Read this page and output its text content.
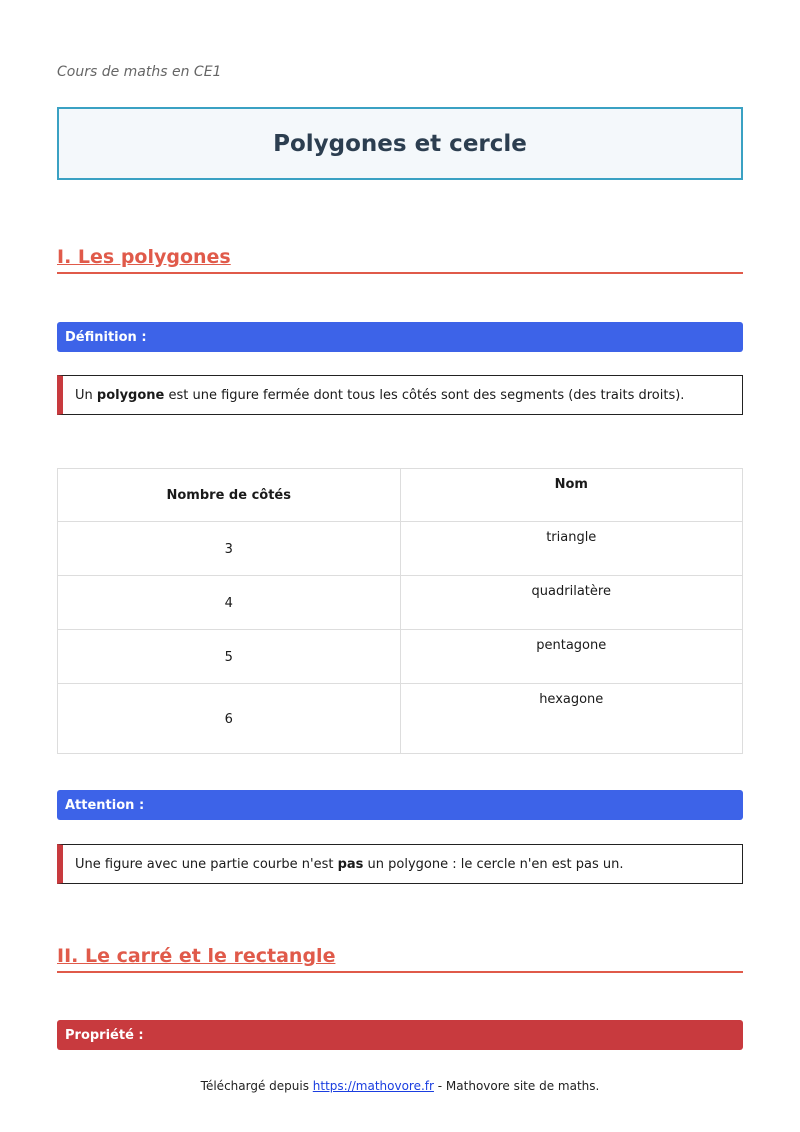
Cours de maths en CE1
Polygones et cercle
I. Les polygones
Définition :
Un polygone est une figure fermée dont tous les côtés sont des segments (des traits droits).
Nombre de côtés	Nom
3	triangle
4	quadrilatère
5	pentagone
6	hexagone
Attention :
Une figure avec une partie courbe n'est pas un polygone : le cercle n'en est pas un.
II. Le carré et le rectangle
Propriété :
Téléchargé depuis https://mathovore.fr - Mathovore site de maths.
